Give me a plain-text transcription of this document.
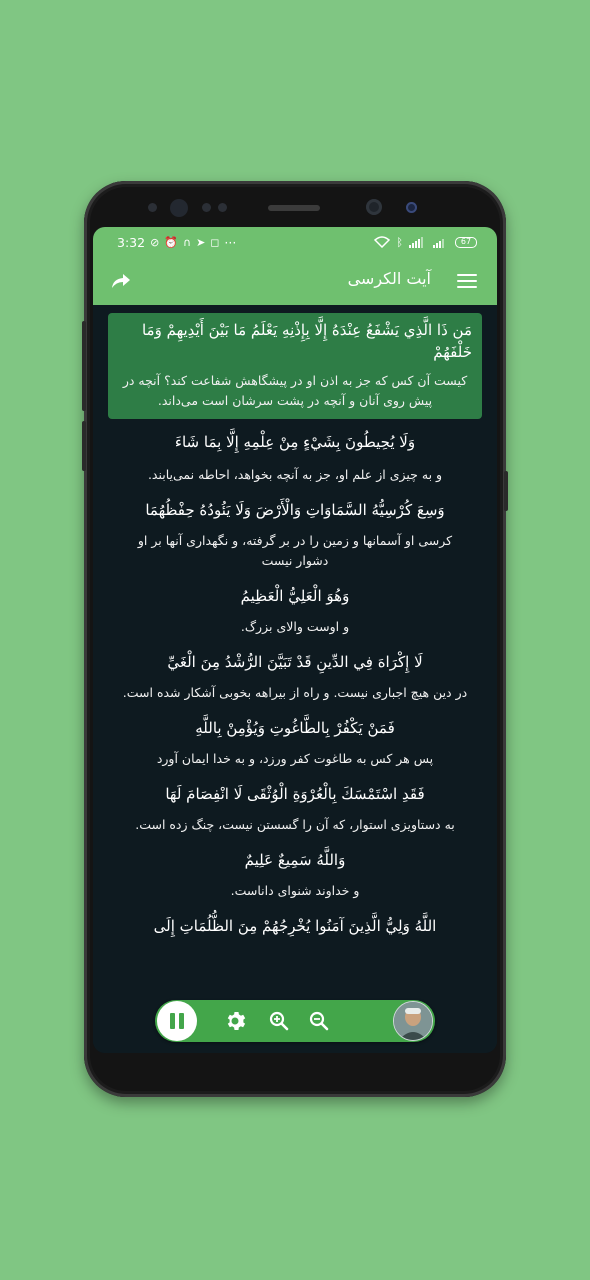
3:32 ⊘ ⏰ ∩ ➤ ◻ ···	ᛒ	67
آیت الکرسی
مَن ذَا الَّذِي يَشْفَعُ عِنْدَهُ إِلَّا بِإِذْنِهِ يَعْلَمُ مَا بَيْنَ أَيْدِيهِمْ وَمَا خَلْفَهُمْ
کیست آن کس که جز به اذن او در پیشگاهش شفاعت کند؟ آنچه در پیش روی آنان و آنچه در پشت سرشان است می‌داند.
وَلَا يُحِيطُونَ بِشَيْءٍ مِنْ عِلْمِهِ إِلَّا بِمَا شَاءَ
و به چیزی از علم او، جز به آنچه بخواهد، احاطه نمی‌یابند.
وَسِعَ كُرْسِيُّهُ السَّمَاوَاتِ وَالْأَرْضَ وَلَا يَئُودُهُ حِفْظُهُمَا
کرسی او آسمانها و زمین را در بر گرفته، و نگهداری آنها بر او دشوار نیست
وَهُوَ الْعَلِيُّ الْعَظِيمُ
و اوست والای بزرگ.
لَا إِكْرَاهَ فِي الدِّينِ قَدْ تَبَيَّنَ الرُّشْدُ مِنَ الْغَيِّ
در دین هیچ اجباری نیست. و راه از بیراهه بخوبی آشکار شده است.
فَمَنْ يَكْفُرْ بِالطَّاغُوتِ وَيُؤْمِنْ بِاللَّهِ
پس هر کس به طاغوت کفر ورزد، و به خدا ایمان آورد
فَقَدِ اسْتَمْسَكَ بِالْعُرْوَةِ الْوُثْقَى لَا انْفِصَامَ لَهَا
به دستاویزی استوار، که آن را گسستن نیست، چنگ زده است.
وَاللَّهُ سَمِيعٌ عَلِيمٌ
و خداوند شنوای داناست.
اللَّهُ وَلِيُّ الَّذِينَ آمَنُوا يُخْرِجُهُمْ مِنَ الظُّلُمَاتِ إِلَى
